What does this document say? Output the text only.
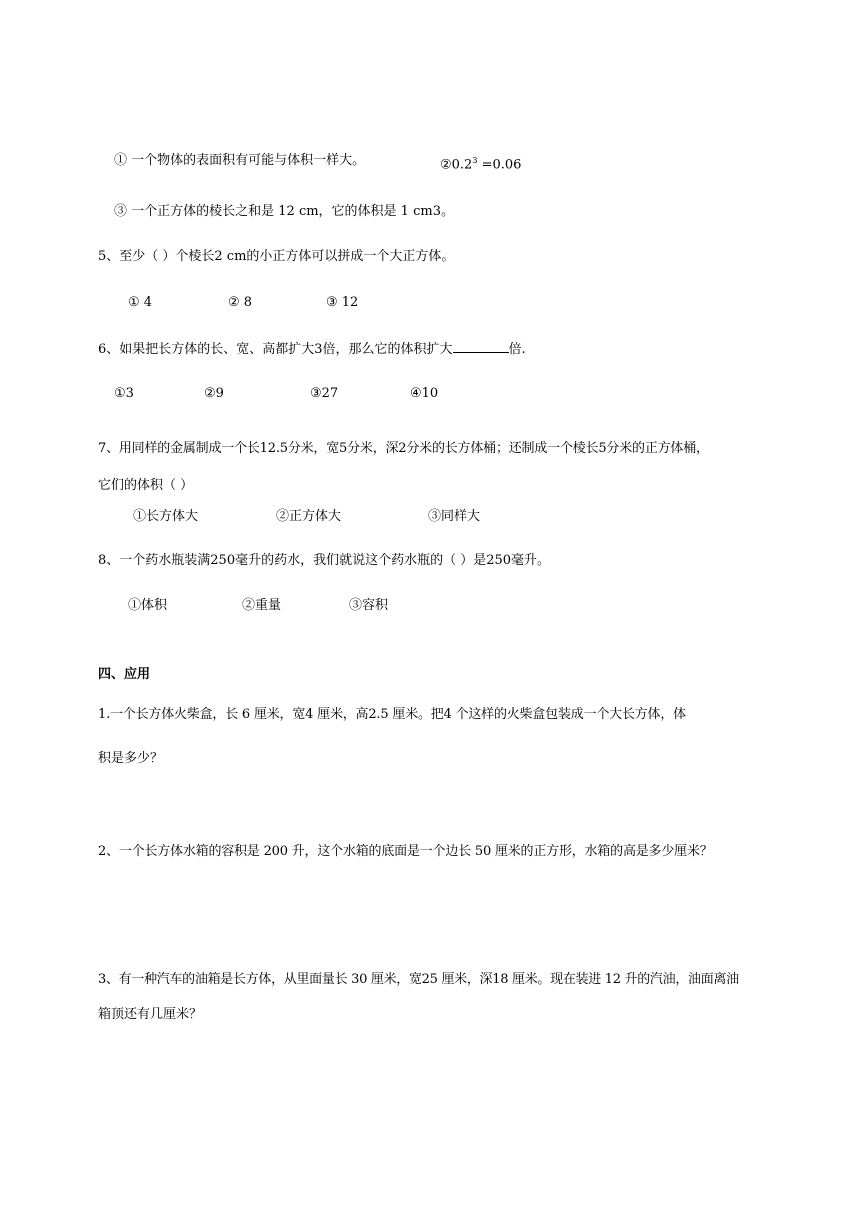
① 一个物体的表面积有可能与体积一样大。	$②0.2^3 =0.06$
③ 一个正方体的棱长之和是 12 cm，它的体积是 1 cm3。
5、至少（ ）个棱长2 cm的小正方体可以拼成一个大正方体。
① 4	② 8	③ 12
6、如果把长方体的长、宽、高都扩大3倍，那么它的体积扩大	倍.
①3	②9	③27	④10
7、用同样的金属制成一个长12.5分米，宽5分米，深2分米的长方体桶；还制成一个棱长5分米的正方体桶，
它们的体积（ ）
①长方体大	②正方体大	③同样大
8、一个药水瓶装满250毫升的药水，我们就说这个药水瓶的（ ）是250毫升。
①体积	②重量	③容积
四、应用
1.一个长方体火柴盒，长 6 厘米，宽4 厘米，高2.5 厘米。把4 个这样的火柴盒包装成一个大长方体，体
积是多少？
2、一个长方体水箱的容积是 200 升，这个水箱的底面是一个边长 50 厘米的正方形，水箱的高是多少厘米？
3、有一种汽车的油箱是长方体，从里面量长 30 厘米，宽25 厘米，深18 厘米。现在装进 12 升的汽油，油面离油
箱顶还有几厘米？
